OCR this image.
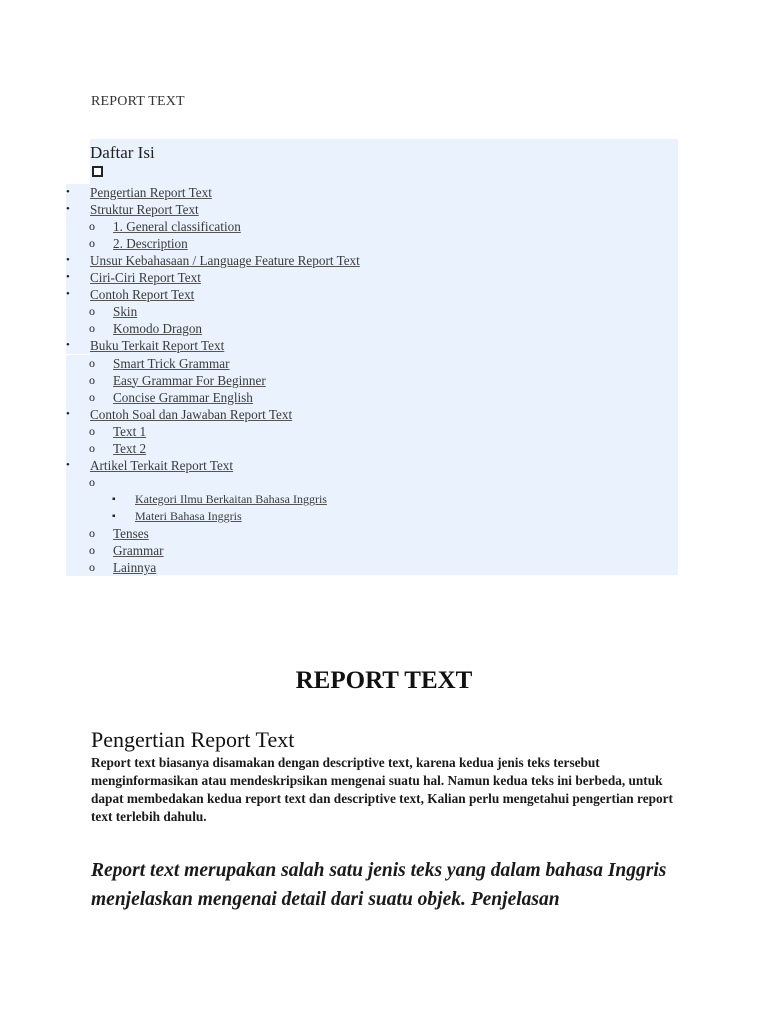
REPORT TEXT
Daftar Isi
• Pengertian Report Text
• Struktur Report Text
o 1. General classification
o 2. Description
• Unsur Kebahasaan / Language Feature Report Text
• Ciri-Ciri Report Text
• Contoh Report Text
o Skin
o Komodo Dragon
• Buku Terkait Report Text
o Smart Trick Grammar
o Easy Grammar For Beginner
o Concise Grammar English
• Contoh Soal dan Jawaban Report Text
o Text 1
o Text 2
• Artikel Terkait Report Text
o
▪ Kategori Ilmu Berkaitan Bahasa Inggris
▪ Materi Bahasa Inggris
o Tenses
o Grammar
o Lainnya
REPORT TEXT
Pengertian Report Text
Report text biasanya disamakan dengan descriptive text, karena kedua jenis teks tersebut menginformasikan atau mendeskripsikan mengenai suatu hal. Namun kedua teks ini berbeda, untuk dapat membedakan kedua report text dan descriptive text, Kalian perlu mengetahui pengertian report text terlebih dahulu.
Report text merupakan salah satu jenis teks yang dalam bahasa Inggris menjelaskan mengenai detail dari suatu objek. Penjelasan
